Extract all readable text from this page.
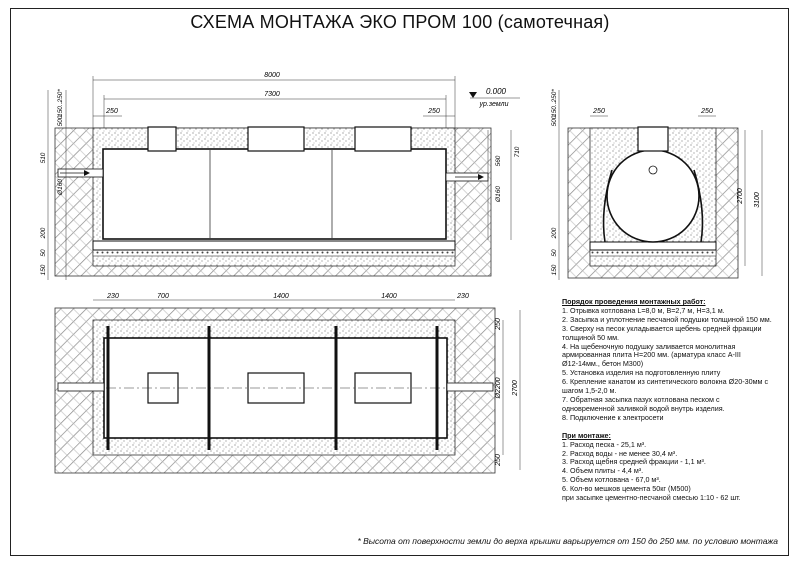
СХЕМА МОНТАЖА ЭКО ПРОМ 100 (самотечная)
8000
7300
250	250
0.000
ур.земли
150..250*
500
510
Ø160
200
50
150
560
710
Ø160
250	250
150..250*
500
200
50
150
2700 3100
230	700	1400	1400	230
250
Ø2200 2700
250
Порядок проведения монтажных работ:
1. Отрывка котлована L=8,0 м, B=2,7 м, H=3,1 м.
2. Засыпка и уплотнение песчаной подушки толщиной 150 мм.
3. Сверху на песок укладывается щебень средней фракции
толщиной 50 мм.
4. На щебеночную подушку заливается монолитная
армированная плита H=200 мм. (арматура класс А-III
Ø12-14мм., бетон М300)
5. Установка изделия на подготовленную плиту
6. Крепление канатом из синтетического волокна Ø20-30мм с
шагом 1,5-2,0 м.
7. Обратная засыпка пазух котлована песком с
одновременной заливкой водой внутрь изделия.
8. Подключение к электросети
При монтаже:
1. Расход песка - 25,1 м³.
2. Расход воды - не менее 30,4 м³.
3. Расход щебня средней фракции - 1,1 м³.
4. Объем плиты - 4,4 м³.
5. Объем котлована - 67,0 м³.
6. Кол-во мешков цемента 50кг (М500)
при засыпке цементно-песчаной смесью 1:10 - 62 шт.
* Высота от поверхности земли до верха крышки варьируется от 150 до 250 мм. по условию монтажа
